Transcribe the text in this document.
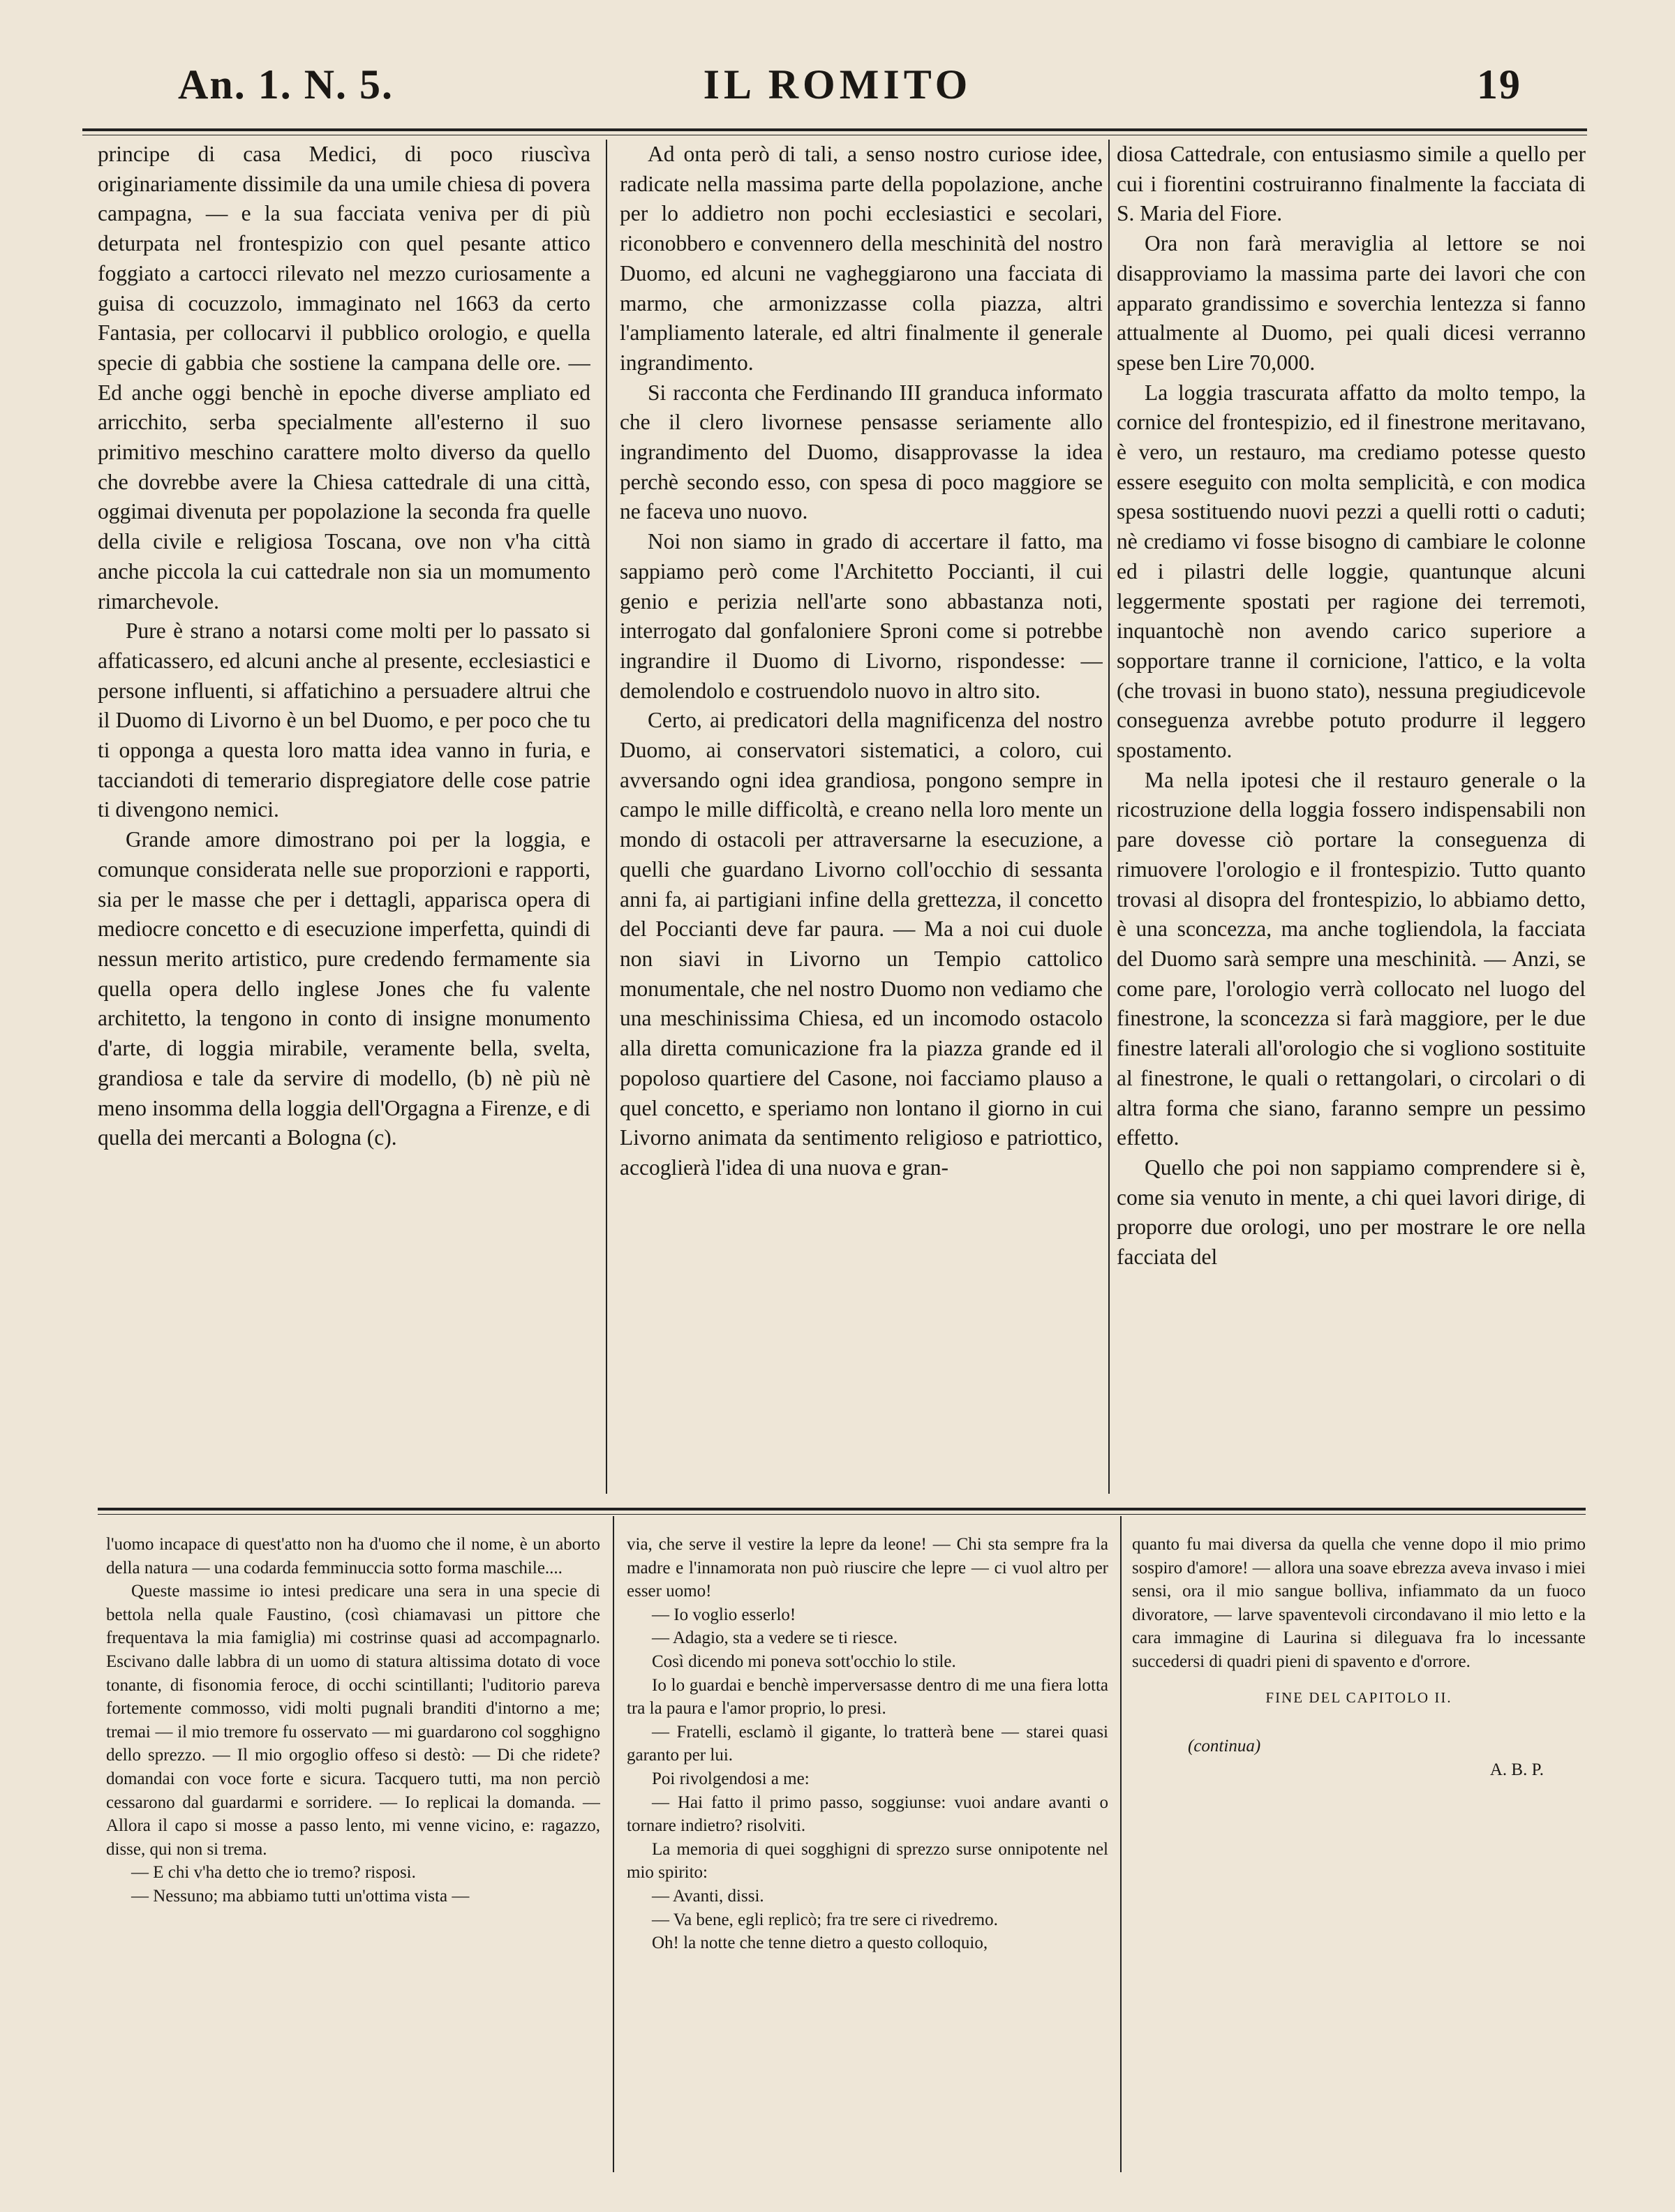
An. 1. N. 5.	IL ROMITO	19

principe di casa Medici, di poco riuscìva originariamente dissimile da una umile chiesa di povera campagna, — e la sua facciata veniva per di più deturpata nel frontespizio con quel pesante attico foggiato a cartocci rilevato nel mezzo curiosamente a guisa di cocuzzolo, immaginato nel 1663 da certo Fantasia, per collocarvi il pubblico orologio, e quella specie di gabbia che sostiene la campana delle ore. — Ed anche oggi benchè in epoche diverse ampliato ed arricchito, serba specialmente all'esterno il suo primitivo meschino carattere molto diverso da quello che dovrebbe avere la Chiesa cattedrale di una città, oggimai divenuta per popolazione la seconda fra quelle della civile e religiosa Toscana, ove non v'ha città anche piccola la cui cattedrale non sia un momumento rimarchevole.

Pure è strano a notarsi come molti per lo passato si affaticassero, ed alcuni anche al presente, ecclesiastici e persone influenti, si affatichino a persuadere altrui che il Duomo di Livorno è un bel Duomo, e per poco che tu ti opponga a questa loro matta idea vanno in furia, e tacciandoti di temerario dispregiatore delle cose patrie ti divengono nemici.

Grande amore dimostrano poi per la loggia, e comunque considerata nelle sue proporzioni e rapporti, sia per le masse che per i dettagli, apparisca opera di mediocre concetto e di esecuzione imperfetta, quindi di nessun merito artistico, pure credendo fermamente sia quella opera dello inglese Jones che fu valente architetto, la tengono in conto di insigne monumento d'arte, di loggia mirabile, veramente bella, svelta, grandiosa e tale da servire di modello, (b) nè più nè meno insomma della loggia dell'Orgagna a Firenze, e di quella dei mercanti a Bologna (c).

Ad onta però di tali, a senso nostro curiose idee, radicate nella massima parte della popolazione, anche per lo addietro non pochi ecclesiastici e secolari, riconobbero e convennero della meschinità del nostro Duomo, ed alcuni ne vagheggiarono una facciata di marmo, che armonizzasse colla piazza, altri l'ampliamento laterale, ed altri finalmente il generale ingrandimento.

Si racconta che Ferdinando III granduca informato che il clero livornese pensasse seriamente allo ingrandimento del Duomo, disapprovasse la idea perchè secondo esso, con spesa di poco maggiore se ne faceva uno nuovo.

Noi non siamo in grado di accertare il fatto, ma sappiamo però come l'Architetto Poccianti, il cui genio e perizia nell'arte sono abbastanza noti, interrogato dal gonfaloniere Sproni come si potrebbe ingrandire il Duomo di Livorno, rispondesse: — demolendolo e costruendolo nuovo in altro sito.

Certo, ai predicatori della magnificenza del nostro Duomo, ai conservatori sistematici, a coloro, cui avversando ogni idea grandiosa, pongono sempre in campo le mille difficoltà, e creano nella loro mente un mondo di ostacoli per attraversarne la esecuzione, a quelli che guardano Livorno coll'occhio di sessanta anni fa, ai partigiani infine della grettezza, il concetto del Poccianti deve far paura. — Ma a noi cui duole non siavi in Livorno un Tempio cattolico monumentale, che nel nostro Duomo non vediamo che una meschinissima Chiesa, ed un incomodo ostacolo alla diretta comunicazione fra la piazza grande ed il popoloso quartiere del Casone, noi facciamo plauso a quel concetto, e speriamo non lontano il giorno in cui Livorno animata da sentimento religioso e patriottico, accoglierà l'idea di una nuova e gran-

diosa Cattedrale, con entusiasmo simile a quello per cui i fiorentini costruiranno finalmente la facciata di S. Maria del Fiore.

Ora non farà meraviglia al lettore se noi disapproviamo la massima parte dei lavori che con apparato grandissimo e soverchia lentezza si fanno attualmente al Duomo, pei quali dicesi verranno spese ben Lire 70,000.

La loggia trascurata affatto da molto tempo, la cornice del frontespizio, ed il finestrone meritavano, è vero, un restauro, ma crediamo potesse questo essere eseguito con molta semplicità, e con modica spesa sostituendo nuovi pezzi a quelli rotti o caduti; nè crediamo vi fosse bisogno di cambiare le colonne ed i pilastri delle loggie, quantunque alcuni leggermente spostati per ragione dei terremoti, inquantochè non avendo carico superiore a sopportare tranne il cornicione, l'attico, e la volta (che trovasi in buono stato), nessuna pregiudicevole conseguenza avrebbe potuto produrre il leggero spostamento.

Ma nella ipotesi che il restauro generale o la ricostruzione della loggia fossero indispensabili non pare dovesse ciò portare la conseguenza di rimuovere l'orologio e il frontespizio. Tutto quanto trovasi al disopra del frontespizio, lo abbiamo detto, è una sconcezza, ma anche togliendola, la facciata del Duomo sarà sempre una meschinità. — Anzi, se come pare, l'orologio verrà collocato nel luogo del finestrone, la sconcezza si farà maggiore, per le due finestre laterali all'orologio che si vogliono sostituite al finestrone, le quali o rettangolari, o circolari o di altra forma che siano, faranno sempre un pessimo effetto.

Quello che poi non sappiamo comprendere si è, come sia venuto in mente, a chi quei lavori dirige, di proporre due orologi, uno per mostrare le ore nella facciata del

l'uomo incapace di quest'atto non ha d'uomo che il nome, è un aborto della natura — una codarda femminuccia sotto forma maschile....

Queste massime io intesi predicare una sera in una specie di bettola nella quale Faustino, (così chiamavasi un pittore che frequentava la mia famiglia) mi costrinse quasi ad accompagnarlo. Escivano dalle labbra di un uomo di statura altissima dotato di voce tonante, di fisonomia feroce, di occhi scintillanti; l'uditorio pareva fortemente commosso, vidi molti pugnali branditi d'intorno a me; tremai — il mio tremore fu osservato — mi guardarono col sogghigno dello sprezzo. — Il mio orgoglio offeso si destò: — Di che ridete? domandai con voce forte e sicura. Tacquero tutti, ma non perciò cessarono dal guardarmi e sorridere. — Io replicai la domanda. — Allora il capo si mosse a passo lento, mi venne vicino, e: ragazzo, disse, qui non si trema.

— E chi v'ha detto che io tremo? risposi.

— Nessuno; ma abbiamo tutti un'ottima vista —

via, che serve il vestire la lepre da leone! — Chi sta sempre fra la madre e l'innamorata non può riuscire che lepre — ci vuol altro per esser uomo!

— Io voglio esserlo!

— Adagio, sta a vedere se ti riesce.

Così dicendo mi poneva sott'occhio lo stile.

Io lo guardai e benchè imperversasse dentro di me una fiera lotta tra la paura e l'amor proprio, lo presi.

— Fratelli, esclamò il gigante, lo tratterà bene — starei quasi garanto per lui.

Poi rivolgendosi a me:

— Hai fatto il primo passo, soggiunse: vuoi andare avanti o tornare indietro? risolviti.

La memoria di quei sogghigni di sprezzo surse onnipotente nel mio spirito:

— Avanti, dissi.

— Va bene, egli replicò; fra tre sere ci rivedremo.

Oh! la notte che tenne dietro a questo colloquio,

quanto fu mai diversa da quella che venne dopo il mio primo sospiro d'amore! — allora una soave ebrezza aveva invaso i miei sensi, ora il mio sangue bolliva, infiammato da un fuoco divoratore, — larve spaventevoli circondavano il mio letto e la cara immagine di Laurina si dileguava fra lo incessante succedersi di quadri pieni di spavento e d'orrore.

FINE DEL CAPITOLO II.

(continua)

A. B. P.
